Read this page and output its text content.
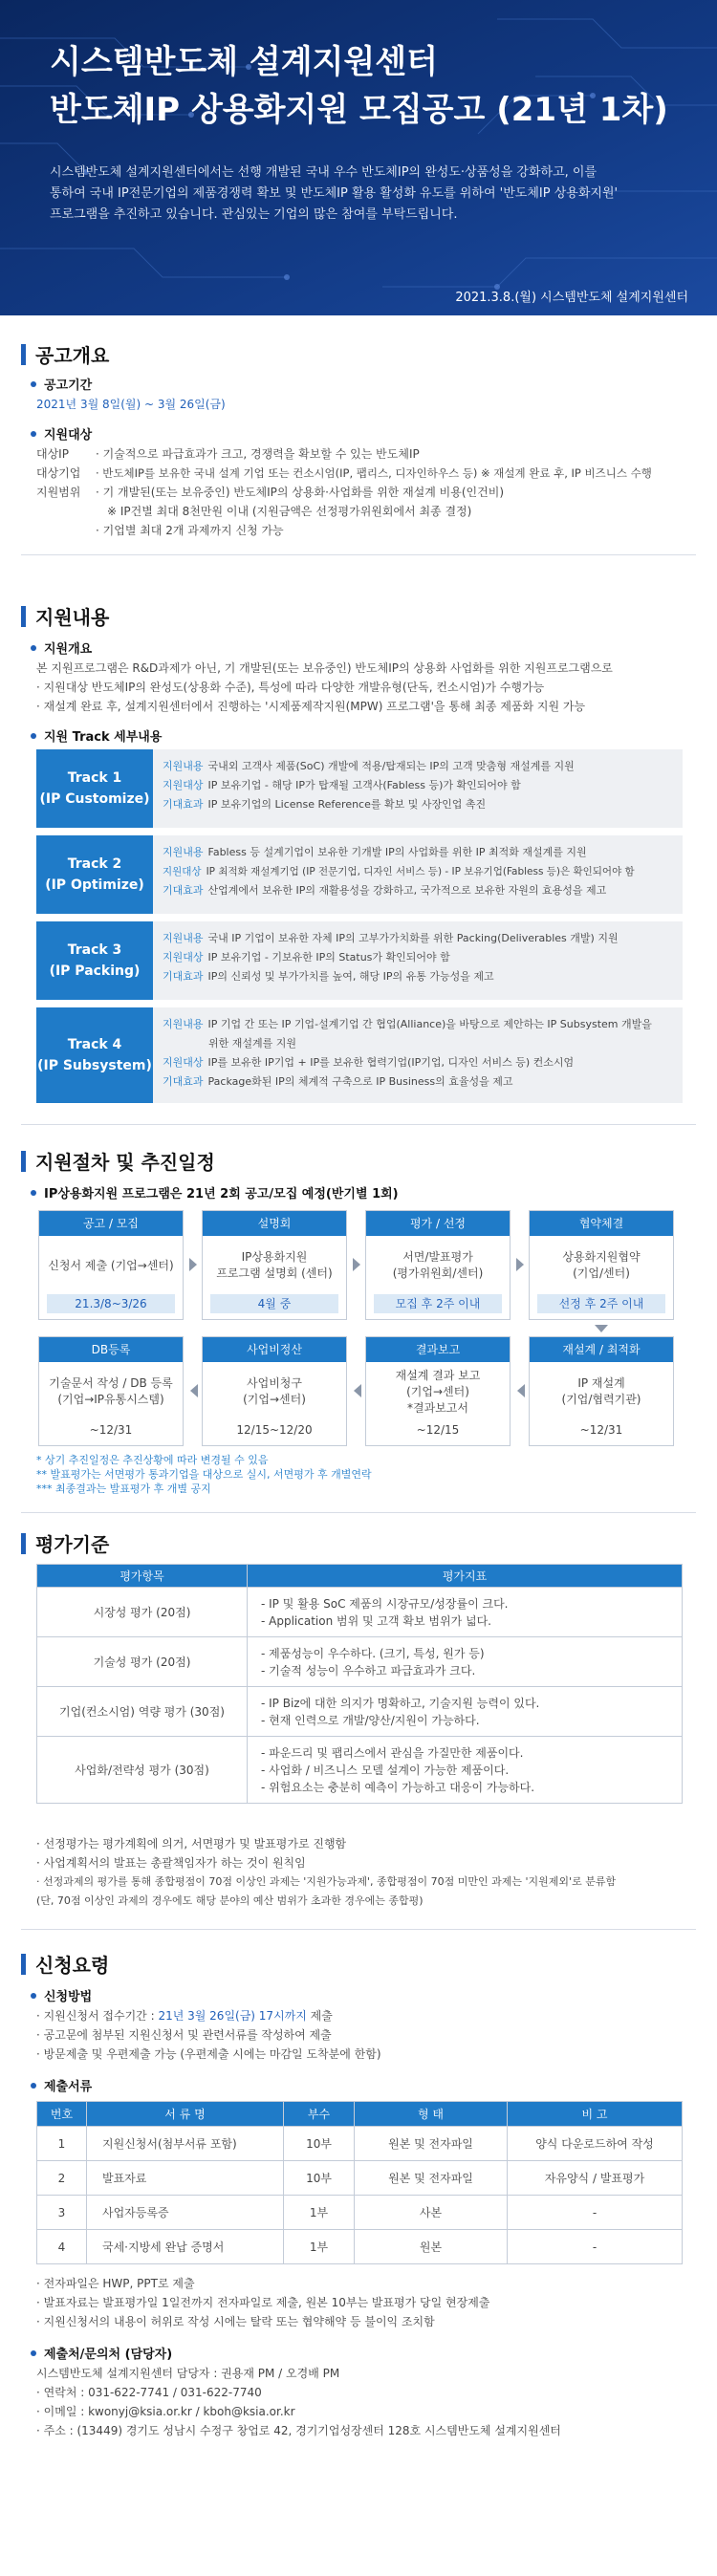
시스템반도체 설계지원센터
반도체IP 상용화지원 모집공고 (21년 1차)
시스템반도체 설계지원센터에서는 선행 개발된 국내 우수 반도체IP의 완성도·상품성을 강화하고, 이를
통하여 국내 IP전문기업의 제품경쟁력 확보 및 반도체IP 활용 활성화 유도를 위하여 '반도체IP 상용화지원'
프로그램을 추진하고 있습니다. 관심있는 기업의 많은 참여를 부탁드립니다.
2021.3.8.(월) 시스템반도체 설계지원센터
공고개요
공고기간
2021년 3월 8일(월) ~ 3월 26일(금)
지원대상
대상IP · 기술적으로 파급효과가 크고, 경쟁력을 확보할 수 있는 반도체IP
대상기업 · 반도체IP를 보유한 국내 설계 기업 또는 컨소시엄(IP, 팹리스, 디자인하우스 등) ※ 재설계 완료 후, IP 비즈니스 수행
지원범위 · 기 개발된(또는 보유중인) 반도체IP의 상용화·사업화를 위한 재설계 비용(인건비)
※ IP건별 최대 8천만원 이내 (지원금액은 선정평가위원회에서 최종 결정)
· 기업별 최대 2개 과제까지 신청 가능
지원내용
지원개요
본 지원프로그램은 R&D과제가 아닌, 기 개발된(또는 보유중인) 반도체IP의 상용화 사업화를 위한 지원프로그램으로
· 지원대상 반도체IP의 완성도(상용화 수준), 특성에 따라 다양한 개발유형(단독, 컨소시엄)가 수행가능
· 재설계 완료 후, 설계지원센터에서 진행하는 '시제품제작지원(MPW) 프로그램'을 통해 최종 제품화 지원 가능
지원 Track 세부내용
Track 1
(IP Customize)
지원내용 국내외 고객사 제품(SoC) 개발에 적용/탑재되는 IP의 고객 맞춤형 재설계를 지원
지원대상 IP 보유기업 - 해당 IP가 탑재될 고객사(Fabless 등)가 확인되어야 함
기대효과 IP 보유기업의 License Reference를 확보 및 사장인업 촉진
Track 2
(IP Optimize)
지원내용 Fabless 등 설계기업이 보유한 기개발 IP의 사업화를 위한 IP 최적화 재설계를 지원
지원대상 IP 최적화 재설계기업 (IP 전문기업, 디자인 서비스 등) - IP 보유기업(Fabless 등)은 확인되어야 함
기대효과 산업계에서 보유한 IP의 재활용성을 강화하고, 국가적으로 보유한 자원의 효용성을 제고
Track 3
(IP Packing)
지원내용 국내 IP 기업이 보유한 자체 IP의 고부가가치화를 위한 Packing(Deliverables 개발) 지원
지원대상 IP 보유기업 - 기보유한 IP의 Status가 확인되어야 함
기대효과 IP의 신뢰성 및 부가가치를 높여, 해당 IP의 유통 가능성을 제고
Track 4
(IP Subsystem)
지원내용 IP 기업 간 또는 IP 기업-설계기업 간 협업(Alliance)을 바탕으로 제안하는 IP Subsystem 개발을
위한 재설계를 지원
지원대상 IP를 보유한 IP기업 + IP를 보유한 협력기업(IP기업, 디자인 서비스 등) 컨소시엄
기대효과 Package화된 IP의 체계적 구축으로 IP Business의 효율성을 제고
지원절차 및 추진일정
IP상용화지원 프로그램은 21년 2회 공고/모집 예정(반기별 1회)
공고 / 모집
신청서 제출 (기업→센터)
21.3/8~3/26
설명회
IP상용화지원
프로그램 설명회 (센터)
4월 중
평가 / 선정
서면/발표평가
(평가위원회/센터)
모집 후 2주 이내
협약체결
상용화지원협약
(기업/센터)
선정 후 2주 이내
DB등록
기술문서 작성 / DB 등록
(기업→IP유통시스템)
~12/31
사업비정산
사업비청구
(기업→센터)
12/15~12/20
결과보고
재설계 결과 보고
(기업→센터)
*결과보고서
~12/15
재설계 / 최적화
IP 재설계
(기업/협력기관)
~12/31
* 상기 추진일정은 추진상황에 따라 변경될 수 있음
** 발표평가는 서면평가 통과기업을 대상으로 실시, 서면평가 후 개별연락
*** 최종결과는 발표평가 후 개별 공지
평가기준
평가항목	평가지표
시장성 평가 (20점)	- IP 및 활용 SoC 제품의 시장규모/성장률이 크다.
- Application 범위 및 고객 확보 범위가 넓다.

기술성 평가 (20점)	- 제품성능이 우수하다. (크기, 특성, 원가 등)
- 기술적 성능이 우수하고 파급효과가 크다.

기업(컨소시엄) 역량 평가 (30점)	- IP Biz에 대한 의지가 명확하고, 기술지원 능력이 있다.
- 현재 인력으로 개발/양산/지원이 가능하다.

사업화/전략성 평가 (30점)	- 파운드리 및 팹리스에서 관심을 가질만한 제품이다.
- 사업화 / 비즈니스 모델 설계이 가능한 제품이다.
- 위험요소는 충분히 예측이 가능하고 대응이 가능하다.
· 선정평가는 평가계획에 의거, 서면평가 및 발표평가로 진행함
· 사업계획서의 발표는 총괄책임자가 하는 것이 원칙임
· 선정과제의 평가를 통해 종합평점이 70점 이상인 과제는 '지원가능과제', 종합평점이 70점 미만인 과제는 '지원제외'로 분류함
(단, 70점 이상인 과제의 경우에도 해당 분야의 예산 범위가 초과한 경우에는 종합평)
신청요령
신청방법
· 지원신청서 접수기간 : 21년 3월 26일(금) 17시까지 제출
· 공고문에 첨부된 지원신청서 및 관련서류를 작성하여 제출
· 방문제출 및 우편제출 가능 (우편제출 시에는 마감일 도착분에 한함)
제출서류
번호	서 류 명	부수	형 태	비 고
1	지원신청서(첨부서류 포함)	10부	원본 및 전자파일	양식 다운로드하여 작성
2	발표자료	10부	원본 및 전자파일	자유양식 / 발표평가
3	사업자등록증	1부	사본	-
4	국세·지방세 완납 증명서	1부	원본	-
· 전자파일은 HWP, PPT로 제출
· 발표자료는 발표평가일 1일전까지 전자파일로 제출, 원본 10부는 발표평가 당일 현장제출
· 지원신청서의 내용이 허위로 작성 시에는 탈락 또는 협약해약 등 불이익 조치함
제출처/문의처 (담당자)
시스템반도체 설계지원센터 담당자 : 권용재 PM / 오경배 PM
· 연락처 : 031-622-7741 / 031-622-7740
· 이메일 : kwonyj@ksia.or.kr / kboh@ksia.or.kr
· 주소 : (13449) 경기도 성남시 수정구 창업로 42, 경기기업성장센터 128호 시스템반도체 설계지원센터
